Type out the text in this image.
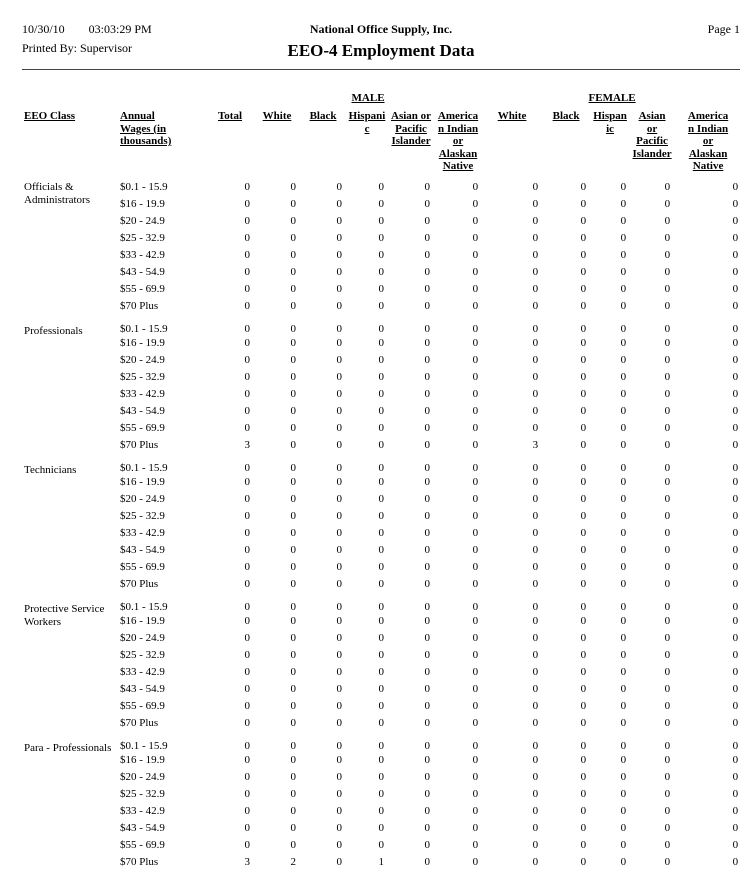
10/30/10 03:03:29 PM
Printed By: Supervisor
National Office Supply, Inc.
EEO-4 Employment Data
Page 1
			MALE					FEMALE				
EEO Class	Annual Wages (in thousands)	Total	White	Black	Hispanic	Asian or Pacific Islander	American Indian or Alaskan Native	White	Black	Hispanic	Asian or Pacific Islander	American Indian or Alaskan Native
Officials & Administrators	$0.1 - 15.9	0	0	0	0	0	0	0	0	0	0	0
	$16 - 19.9	0	0	0	0	0	0	0	0	0	0	0
	$20 - 24.9	0	0	0	0	0	0	0	0	0	0	0
	$25 - 32.9	0	0	0	0	0	0	0	0	0	0	0
	$33 - 42.9	0	0	0	0	0	0	0	0	0	0	0
	$43 - 54.9	0	0	0	0	0	0	0	0	0	0	0
	$55 - 69.9	0	0	0	0	0	0	0	0	0	0	0
	$70 Plus	0	0	0	0	0	0	0	0	0	0	0
Professionals	$0.1 - 15.9	0	0	0	0	0	0	0	0	0	0	0
	$16 - 19.9	0	0	0	0	0	0	0	0	0	0	0
	$20 - 24.9	0	0	0	0	0	0	0	0	0	0	0
	$25 - 32.9	0	0	0	0	0	0	0	0	0	0	0
	$33 - 42.9	0	0	0	0	0	0	0	0	0	0	0
	$43 - 54.9	0	0	0	0	0	0	0	0	0	0	0
	$55 - 69.9	0	0	0	0	0	0	0	0	0	0	0
	$70 Plus	3	0	0	0	0	0	3	0	0	0	0
Technicians	$0.1 - 15.9	0	0	0	0	0	0	0	0	0	0	0
	$16 - 19.9	0	0	0	0	0	0	0	0	0	0	0
	$20 - 24.9	0	0	0	0	0	0	0	0	0	0	0
	$25 - 32.9	0	0	0	0	0	0	0	0	0	0	0
	$33 - 42.9	0	0	0	0	0	0	0	0	0	0	0
	$43 - 54.9	0	0	0	0	0	0	0	0	0	0	0
	$55 - 69.9	0	0	0	0	0	0	0	0	0	0	0
	$70 Plus	0	0	0	0	0	0	0	0	0	0	0
Protective Service Workers	$0.1 - 15.9	0	0	0	0	0	0	0	0	0	0	0
	$16 - 19.9	0	0	0	0	0	0	0	0	0	0	0
	$20 - 24.9	0	0	0	0	0	0	0	0	0	0	0
	$25 - 32.9	0	0	0	0	0	0	0	0	0	0	0
	$33 - 42.9	0	0	0	0	0	0	0	0	0	0	0
	$43 - 54.9	0	0	0	0	0	0	0	0	0	0	0
	$55 - 69.9	0	0	0	0	0	0	0	0	0	0	0
	$70 Plus	0	0	0	0	0	0	0	0	0	0	0
Para - Professionals	$0.1 - 15.9	0	0	0	0	0	0	0	0	0	0	0
	$16 - 19.9	0	0	0	0	0	0	0	0	0	0	0
	$20 - 24.9	0	0	0	0	0	0	0	0	0	0	0
	$25 - 32.9	0	0	0	0	0	0	0	0	0	0	0
	$33 - 42.9	0	0	0	0	0	0	0	0	0	0	0
	$43 - 54.9	0	0	0	0	0	0	0	0	0	0	0
	$55 - 69.9	0	0	0	0	0	0	0	0	0	0	0
	$70 Plus	3	2	0	1	0	0	0	0	0	0	0
